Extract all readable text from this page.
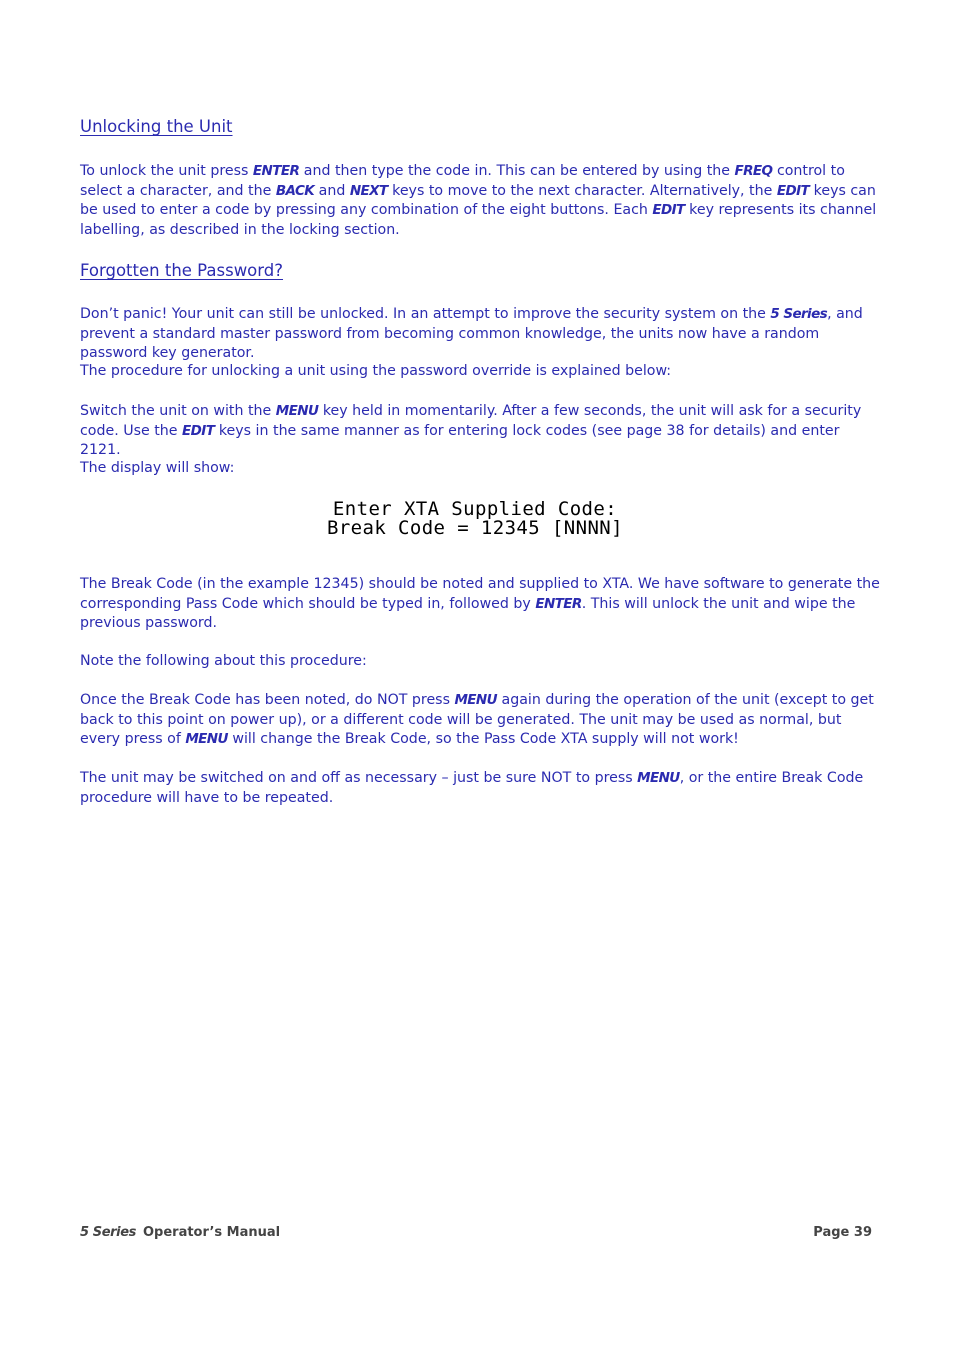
Unlocking the Unit

To unlock the unit press ENTER and then type the code in. This can be entered by using the FREQ control to select a character, and the BACK and NEXT keys to move to the next character. Alternatively, the EDIT keys can be used to enter a code by pressing any combination of the eight buttons. Each EDIT key represents its channel labelling, as described in the locking section.

Forgotten the Password?

Don’t panic! Your unit can still be unlocked. In an attempt to improve the security system on the 5 Series, and prevent a standard master password from becoming common knowledge, the units now have a random password key generator.

The procedure for unlocking a unit using the password override is explained below:

Switch the unit on with the MENU key held in momentarily. After a few seconds, the unit will ask for a security code. Use the EDIT keys in the same manner as for entering lock codes (see page 38 for details) and enter 2121.

The display will show:

Enter XTA Supplied Code:
Break Code = 12345 [NNNN]

The Break Code (in the example 12345) should be noted and supplied to XTA. We have software to generate the corresponding Pass Code which should be typed in, followed by ENTER. This will unlock the unit and wipe the previous password.

Note the following about this procedure:

Once the Break Code has been noted, do NOT press MENU again during the operation of the unit (except to get back to this point on power up), or a different code will be generated. The unit may be used as normal, but every press of MENU will change the Break Code, so the Pass Code XTA supply will not work!

The unit may be switched on and off as necessary – just be sure NOT to press MENU, or the entire Break Code procedure will have to be repeated.

5 Series Operator’s Manual	Page 39
